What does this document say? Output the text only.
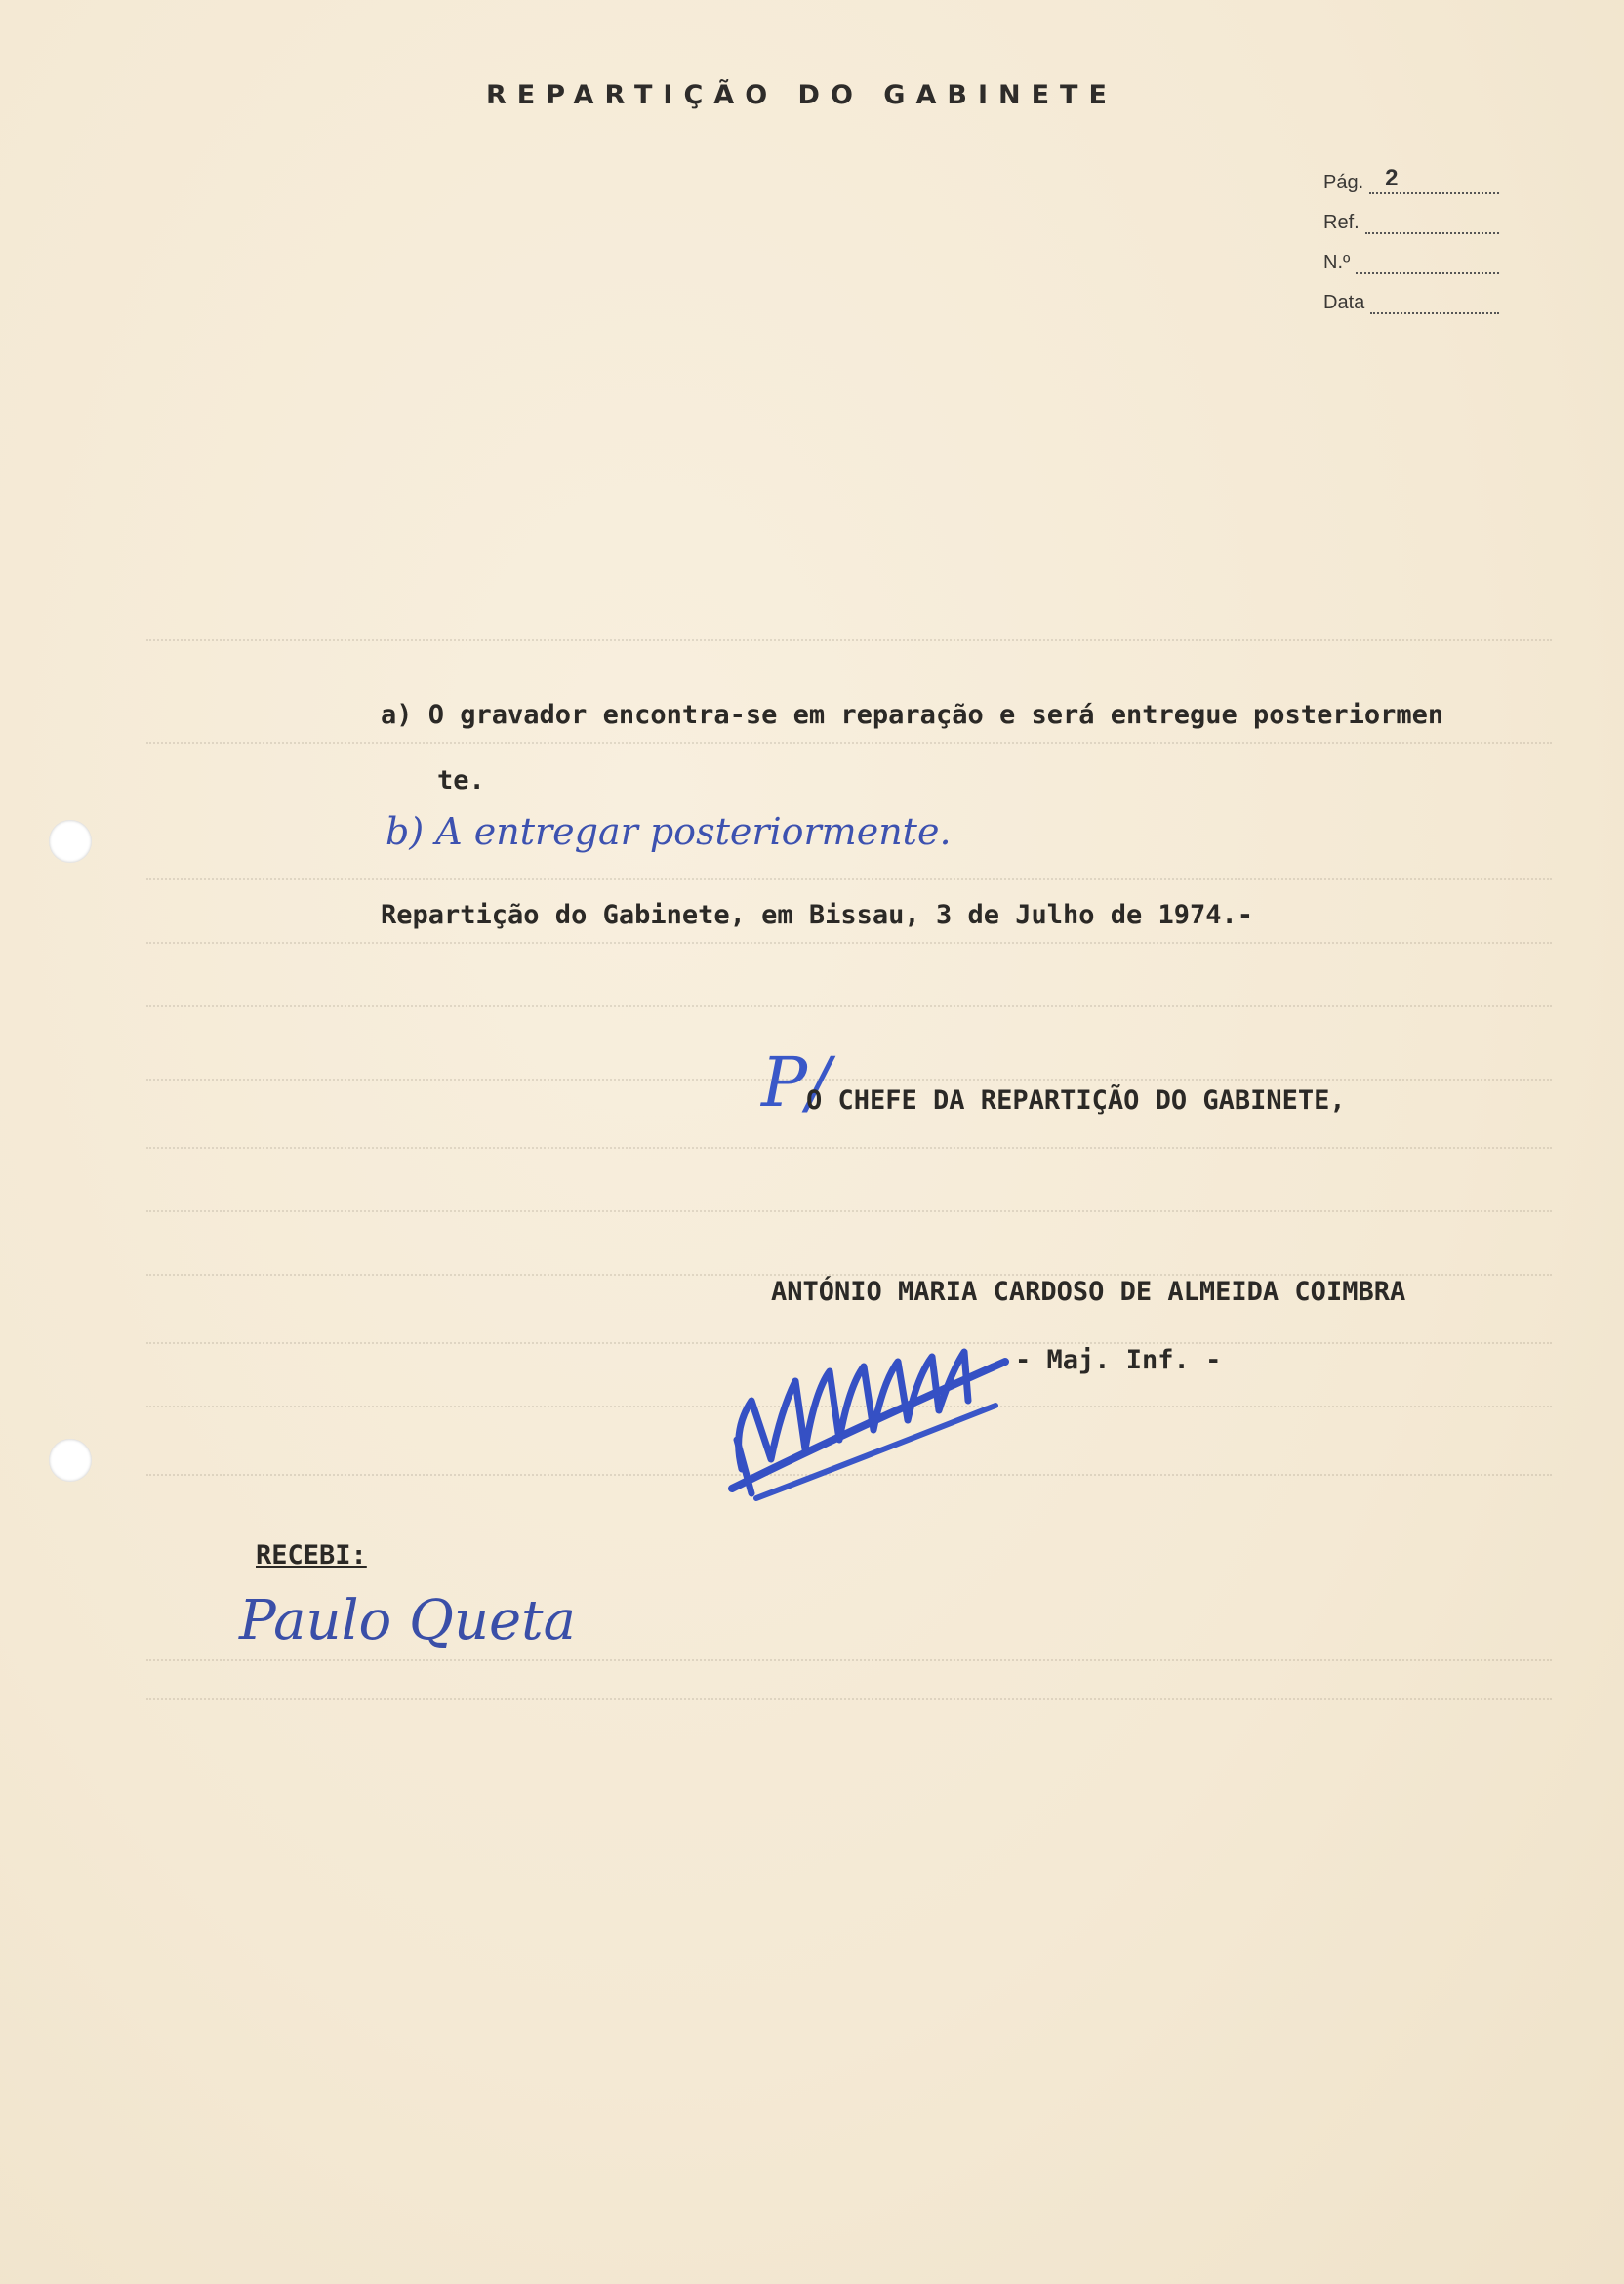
REPARTIÇÃO DO GABINETE
Pág. 2
Ref.
N.º
Data
a) O gravador encontra-se em reparação e será entregue posteriormen
te.
b) A entregar posteriormente.
Repartição do Gabinete, em Bissau, 3 de Julho de 1974.-
P/
O CHEFE DA REPARTIÇÃO DO GABINETE,
ANTÓNIO MARIA CARDOSO DE ALMEIDA COIMBRA
- Maj. Inf. -
RECEBI:
Paulo Queta
